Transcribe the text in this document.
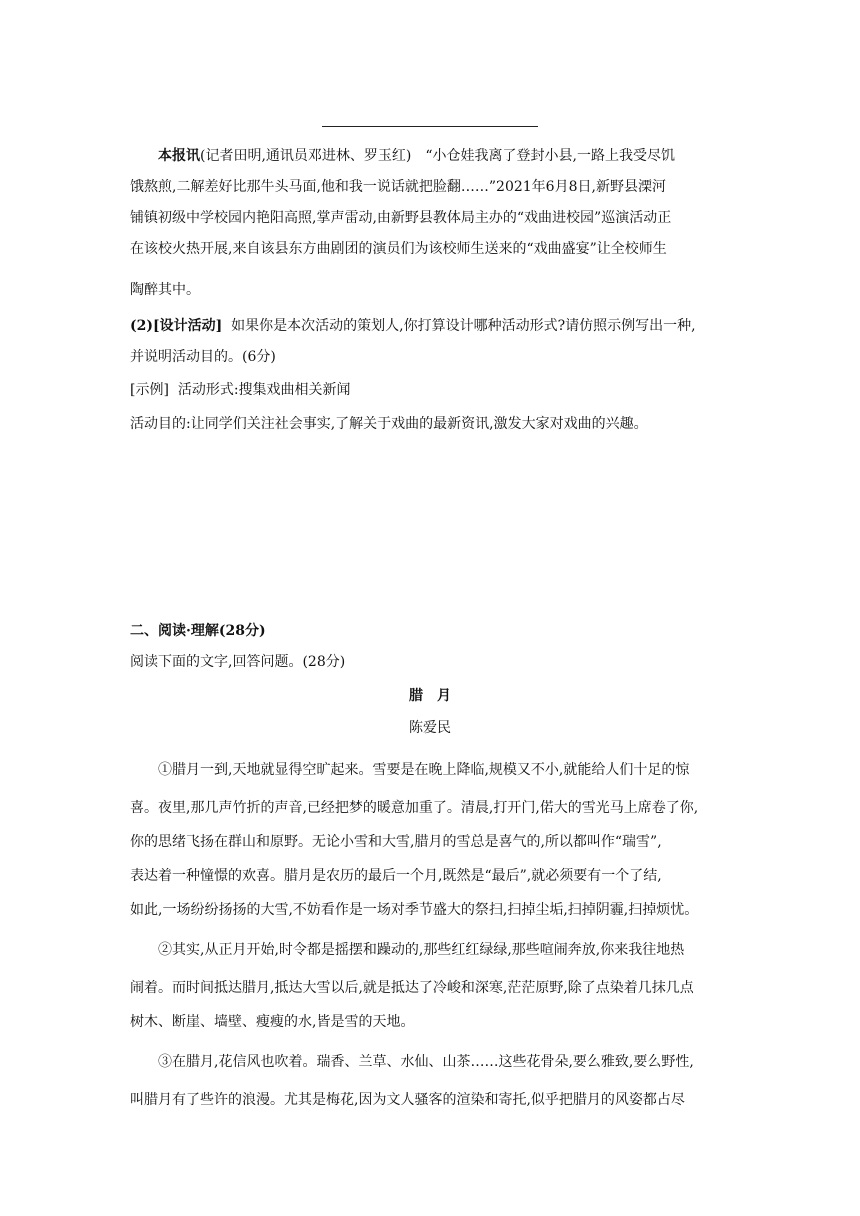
本报讯(记者田明,通讯员邓进林、罗玉红)　“小仓娃我离了登封小县,一路上我受尽饥
饿熬煎,二解差好比那牛头马面,他和我一说话就把脸翻……”2021年6月8日,新野县溧河
铺镇初级中学校园内艳阳高照,掌声雷动,由新野县教体局主办的“戏曲进校园”巡演活动正
在该校火热开展,来自该县东方曲剧团的演员们为该校师生送来的“戏曲盛宴”让全校师生
陶醉其中。
(2)[设计活动] 如果你是本次活动的策划人,你打算设计哪种活动形式?请仿照示例写出一种,
并说明活动目的。(6分)
[示例] 活动形式:搜集戏曲相关新闻
活动目的:让同学们关注社会事实,了解关于戏曲的最新资讯,激发大家对戏曲的兴趣。
二、阅读·理解(28分)
阅读下面的文字,回答问题。(28分)
腊　月
陈爱民
①腊月一到,天地就显得空旷起来。雪要是在晚上降临,规模又不小,就能给人们十足的惊
喜。夜里,那几声竹折的声音,已经把梦的暖意加重了。清晨,打开门,偌大的雪光马上席卷了你,
你的思绪飞扬在群山和原野。无论小雪和大雪,腊月的雪总是喜气的,所以都叫作“瑞雪”,
表达着一种憧憬的欢喜。腊月是农历的最后一个月,既然是“最后”,就必须要有一个了结,
如此,一场纷纷扬扬的大雪,不妨看作是一场对季节盛大的祭扫,扫掉尘垢,扫掉阴霾,扫掉烦忧。
②其实,从正月开始,时令都是摇摆和躁动的,那些红红绿绿,那些喧闹奔放,你来我往地热
闹着。而时间抵达腊月,抵达大雪以后,就是抵达了冷峻和深寒,茫茫原野,除了点染着几抹几点
树木、断崖、墙壁、瘦瘦的水,皆是雪的天地。
③在腊月,花信风也吹着。瑞香、兰草、水仙、山茶……这些花骨朵,要么雅致,要么野性,
叫腊月有了些许的浪漫。尤其是梅花,因为文人骚客的渲染和寄托,似乎把腊月的风姿都占尽
